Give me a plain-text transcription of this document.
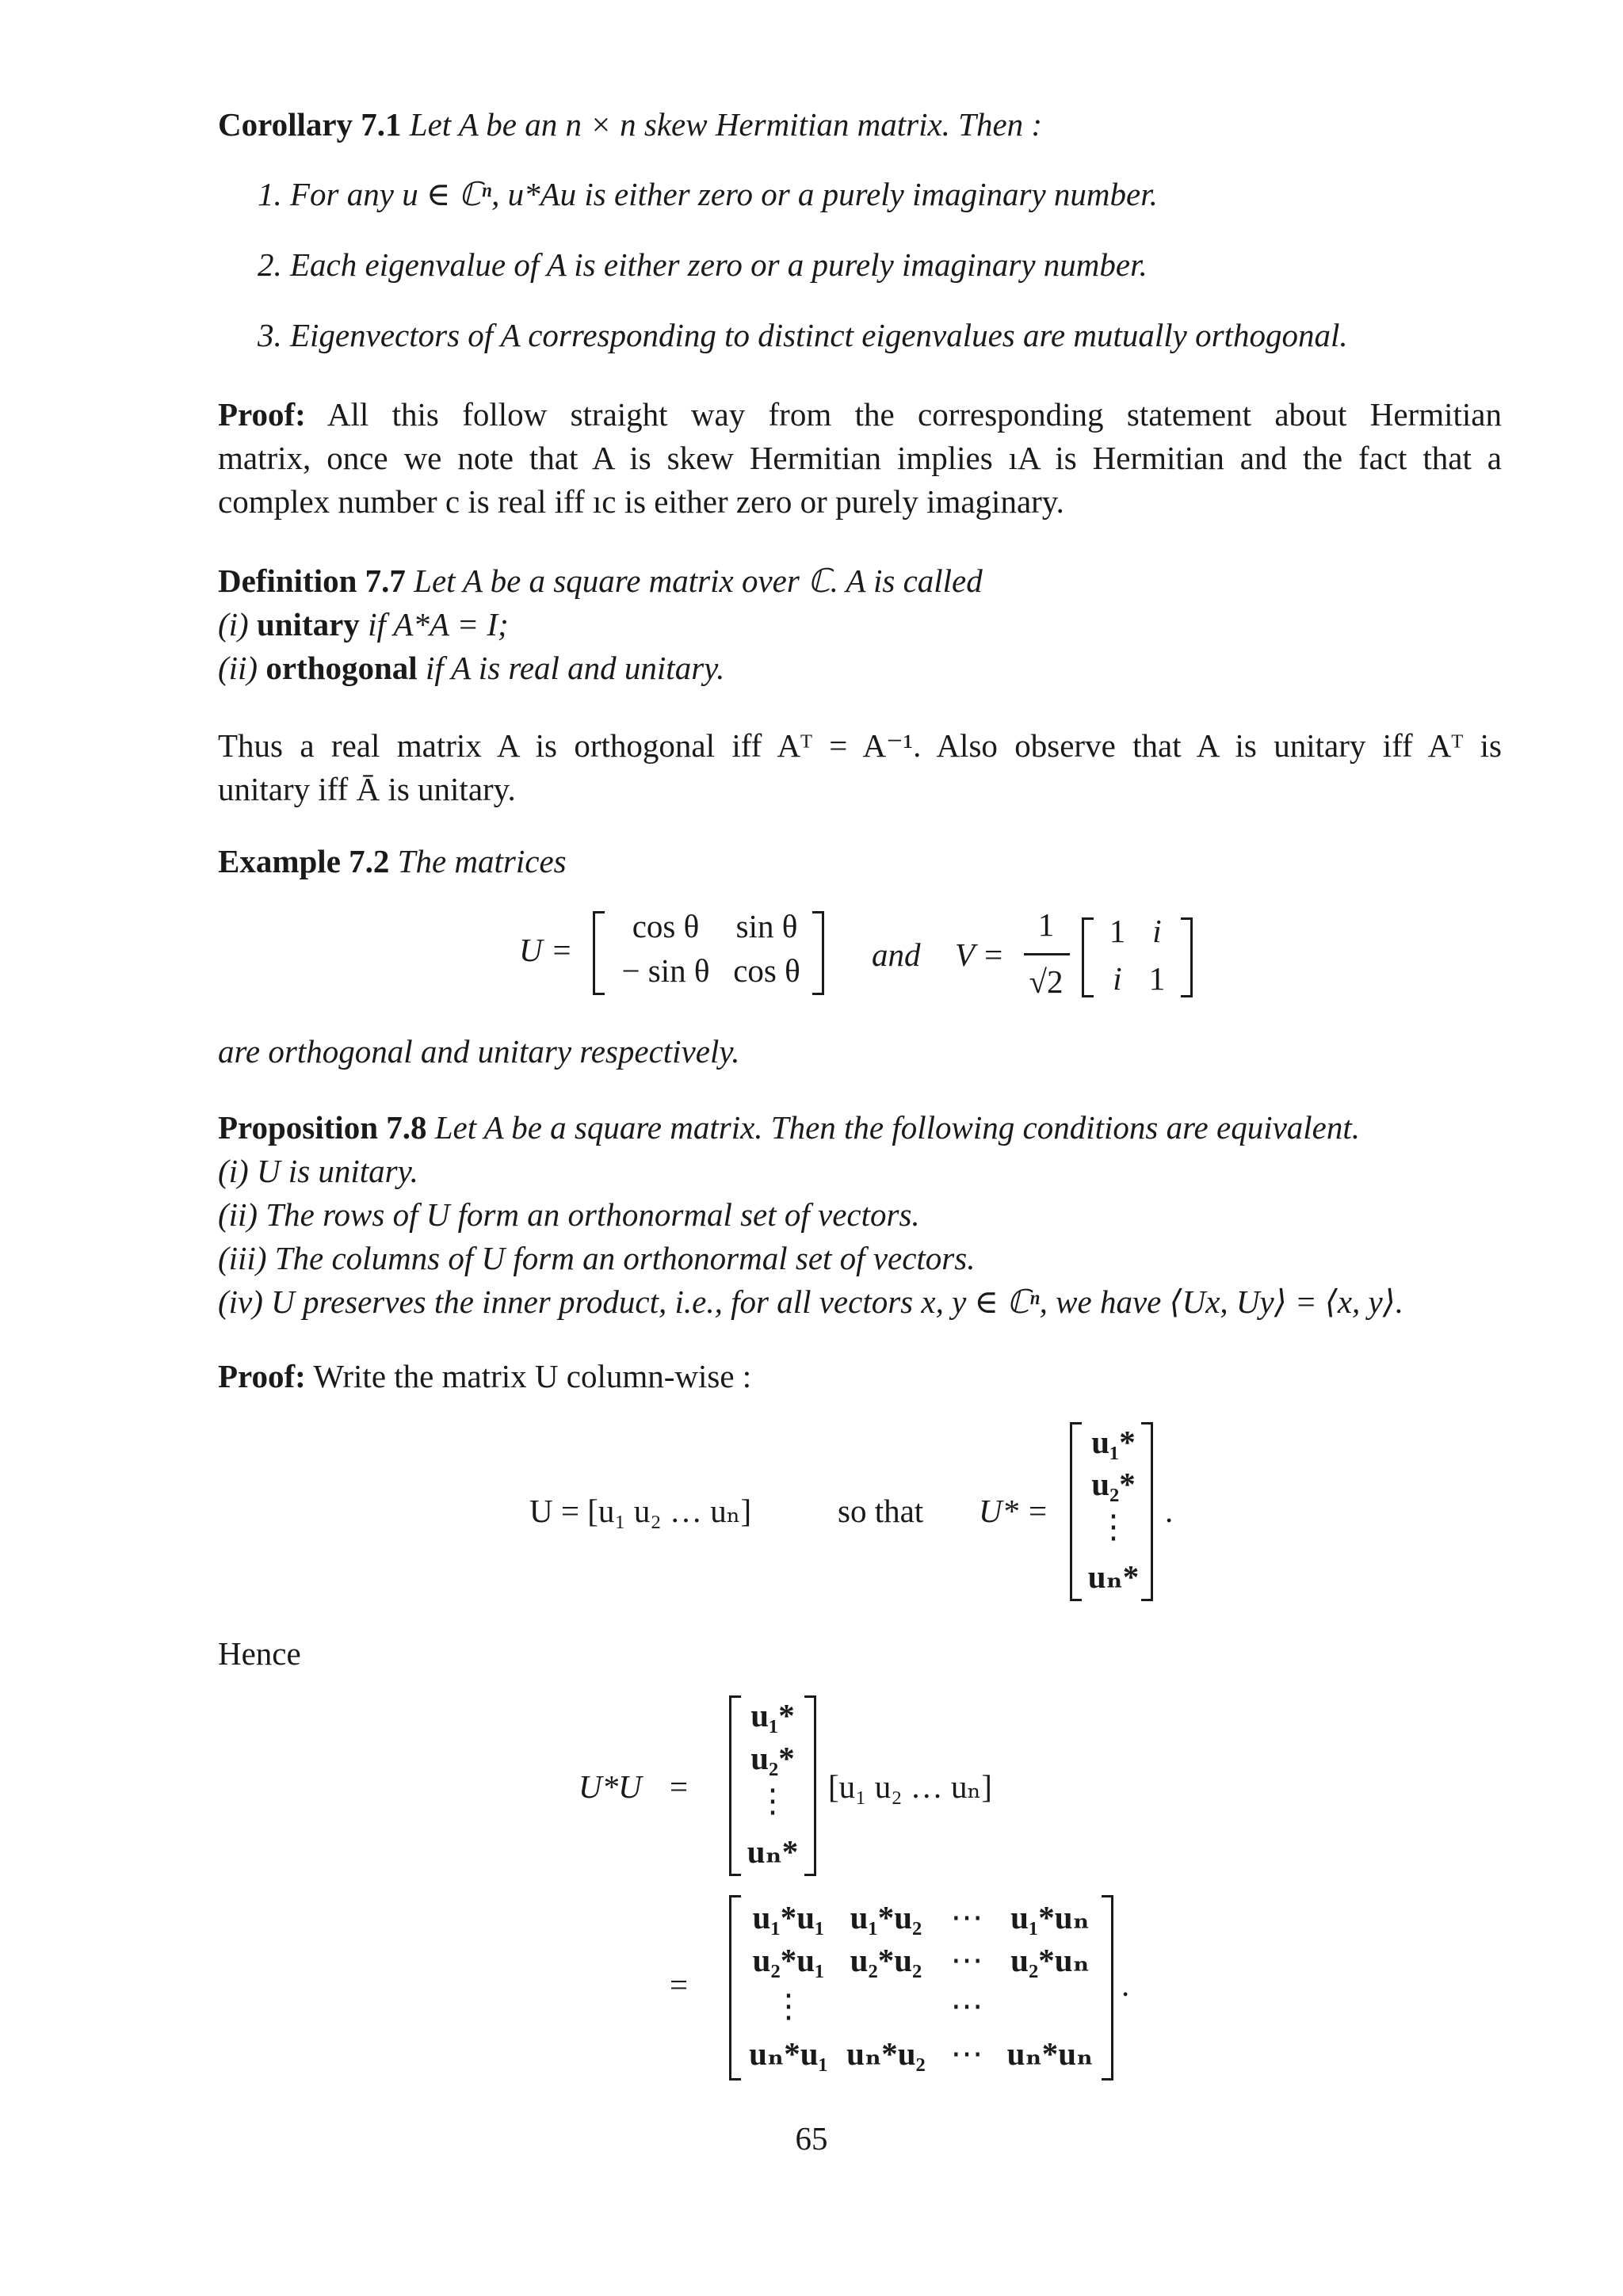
Corollary 7.1 Let A be an n × n skew Hermitian matrix. Then :
1. For any u ∈ ℂⁿ, u*Au is either zero or a purely imaginary number.
2. Each eigenvalue of A is either zero or a purely imaginary number.
3. Eigenvectors of A corresponding to distinct eigenvalues are mutually orthogonal.
Proof: All this follow straight way from the corresponding statement about Hermitian
matrix, once we note that A is skew Hermitian implies ıA is Hermitian and the fact that a
complex number c is real iff ıc is either zero or purely imaginary.
Definition 7.7 Let A be a square matrix over ℂ. A is called
(i) unitary if A*A = I;
(ii) orthogonal if A is real and unitary.
Thus a real matrix A is orthogonal iff Aᵀ = A⁻¹. Also observe that A is unitary iff Aᵀ is
unitary iff Ā is unitary.
Example 7.2 The matrices
U =
cos θ	sin θ
− sin θ cos θ	and V =
1
√2
1 i
i 1
are orthogonal and unitary respectively.
Proposition 7.8 Let A be a square matrix. Then the following conditions are equivalent.
(i) U is unitary.
(ii) The rows of U form an orthonormal set of vectors.
(iii) The columns of U form an orthonormal set of vectors.
(iv) U preserves the inner product, i.e., for all vectors x, y ∈ ℂⁿ, we have ⟨Ux, Uy⟩ = ⟨x, y⟩.
Proof: Write the matrix U column-wise :
U = [u₁ u₂ … uₙ]	so that U* =
u₁*
u₂*
⋮
uₙ*
.
Hence
U*U =
u₁*
u₂*
⋮
uₙ*
[u₁ u₂ … uₙ]
=
u₁*u₁ u₁*u₂ ⋯ u₁*uₙ
u₂*u₁ u₂*u₂ ⋯ u₂*uₙ
⋮	⋯
uₙ*u₁ uₙ*u₂ ⋯ uₙ*uₙ
.
65
